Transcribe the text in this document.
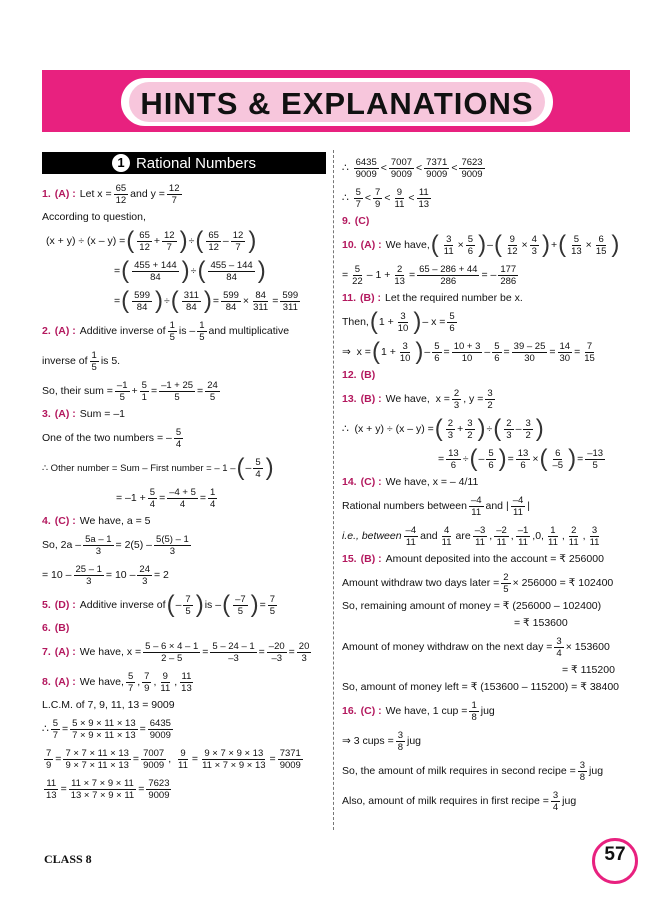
HINTS & EXPLANATIONS
1 Rational Numbers
1. (A) : Let $x = \frac{65}{12}$ and $y = \frac{12}{7}$
According to question,
(x + y) ÷ (x – y) = ( $\frac{65}{12} + \frac{12}{7}$ ) ÷ ( $\frac{65}{12} - \frac{12}{7}$ )
= ( $\frac{455 + 144}{84}$ ) ÷ ( $\frac{455 - 144}{84}$ )
= ( $\frac{599}{84}$ ) ÷ ( $\frac{311}{84}$ ) = $\frac{599}{84} \times \frac{84}{311} = \frac{599}{311}$
2. (A) : Additive inverse of $\frac{1}{5}$ is – $\frac{1}{5}$ and multiplicative
inverse of $\frac{1}{5}$ is 5.
So, their sum = $\frac{-1}{5} + \frac{5}{1} = \frac{-1 + 25}{5} = \frac{24}{5}$
3. (A) : Sum = –1
One of the two numbers = – $\frac{5}{4}$
∴ Other number = Sum – First number = – 1 – ( – $\frac{5}{4}$ )
= $-1 + \frac{5}{4} = \frac{-4 + 5}{4} = \frac{1}{4}$
4. (C) : We have, a = 5
So, $2a - \frac{5a - 1}{3} = 2(5) - \frac{5(5) - 1}{3}$
= $10 - \frac{25 - 1}{3} = 10 - \frac{24}{3} = 2$
5. (D) : Additive inverse of ( – $\frac{7}{5}$ ) is – ( $\frac{-7}{5}$ ) = $\frac{7}{5}$
6. (B)
7. (A) : We have, $x = \frac{5 - 6 \times 4 - 1}{2 - 5} = \frac{5 - 24 - 1}{-3} = \frac{-20}{-3} = \frac{20}{3}$
8. (A) : We have, $\frac{5}{7}$ , $\frac{7}{9}$ , $\frac{9}{11}$ , $\frac{11}{13}$
L.C.M. of 7, 9, 11, 13 = 9009
∴ $\frac{5}{7} = \frac{5 \times 9 \times 11 \times 13}{7 \times 9 \times 11 \times 13} = \frac{6435}{9009}$
$\frac{7}{9} = \frac{7 \times 7 \times 11 \times 13}{9 \times 7 \times 11 \times 13} = \frac{7007}{9009}$ , $\frac{9}{11} = \frac{9 \times 7 \times 9 \times 13}{11 \times 7 \times 9 \times 13} = \frac{7371}{9009}$
$\frac{11}{13} = \frac{11 \times 7 \times 9 \times 11}{13 \times 7 \times 9 \times 11} = \frac{7623}{9009}$
∴ $\frac{6435}{9009} < \frac{7007}{9009} < \frac{7371}{9009} < \frac{7623}{9009}$
∴ $\frac{5}{7} < \frac{7}{9} < \frac{9}{11} < \frac{11}{13}$
9. (C)
10. (A) : We have, ( $\frac{3}{11} \times \frac{5}{6}$ ) – ( $\frac{9}{12} \times \frac{4}{3}$ ) + ( $\frac{5}{13} \times \frac{6}{15}$ )
= $\frac{5}{22} - 1 + \frac{2}{13} = \frac{65 - 286 + 44}{286}$ = – $\frac{177}{286}$
11. (B) : Let the required number be x.
Then, ( $1 + \frac{3}{10}$ ) – $x = \frac{5}{6}$
⇒  x = ( $1 + \frac{3}{10}$ ) – $\frac{5}{6} = \frac{10 + 3}{10} - \frac{5}{6} = \frac{39 - 25}{30} = \frac{14}{30} = \frac{7}{15}$
12. (B)
13. (B) : We have, $x = \frac{2}{3}$ , $y = \frac{3}{2}$
∴  (x + y) ÷ (x – y) = ( $\frac{2}{3} + \frac{3}{2}$ ) ÷ ( $\frac{2}{3} - \frac{3}{2}$ )
= $\frac{13}{6}$ ÷ ( – $\frac{5}{6}$ ) = $\frac{13}{6}$ × ( $\frac{6}{-5}$ ) = $\frac{-13}{5}$
14. (C) : We have, x = – 4/11
Rational numbers between $\frac{-4}{11}$ and | $\frac{-4}{11}$ |
i.e., between $\frac{-4}{11}$ and $\frac{4}{11}$ are $\frac{-3}{11}$ , $\frac{-2}{11}$ , $\frac{-1}{11} ,0$, $\frac{1}{11}$ , $\frac{2}{11}$ , $\frac{3}{11}$
15. (B) : Amount deposited into the account = ₹ 256000
Amount withdraw two days later = $\frac{2}{5} \times 256000$ = ₹ 102400
So, remaining amount of money = ₹ (256000 – 102400)
= ₹ 153600
Amount of money withdraw on the next day = $\frac{3}{4} \times 153600$
= ₹ 115200
So, amount of money left = ₹ (153600 – 115200) = ₹ 38400
16. (C) : We have, 1 cup = $\frac{1}{8}$ jug
⇒ 3 cups = $\frac{3}{8}$ jug
So, the amount of milk requires in second recipe = $\frac{3}{8}$ jug
Also, amount of milk requires in first recipe = $\frac{3}{4}$ jug
CLASS 8	57
